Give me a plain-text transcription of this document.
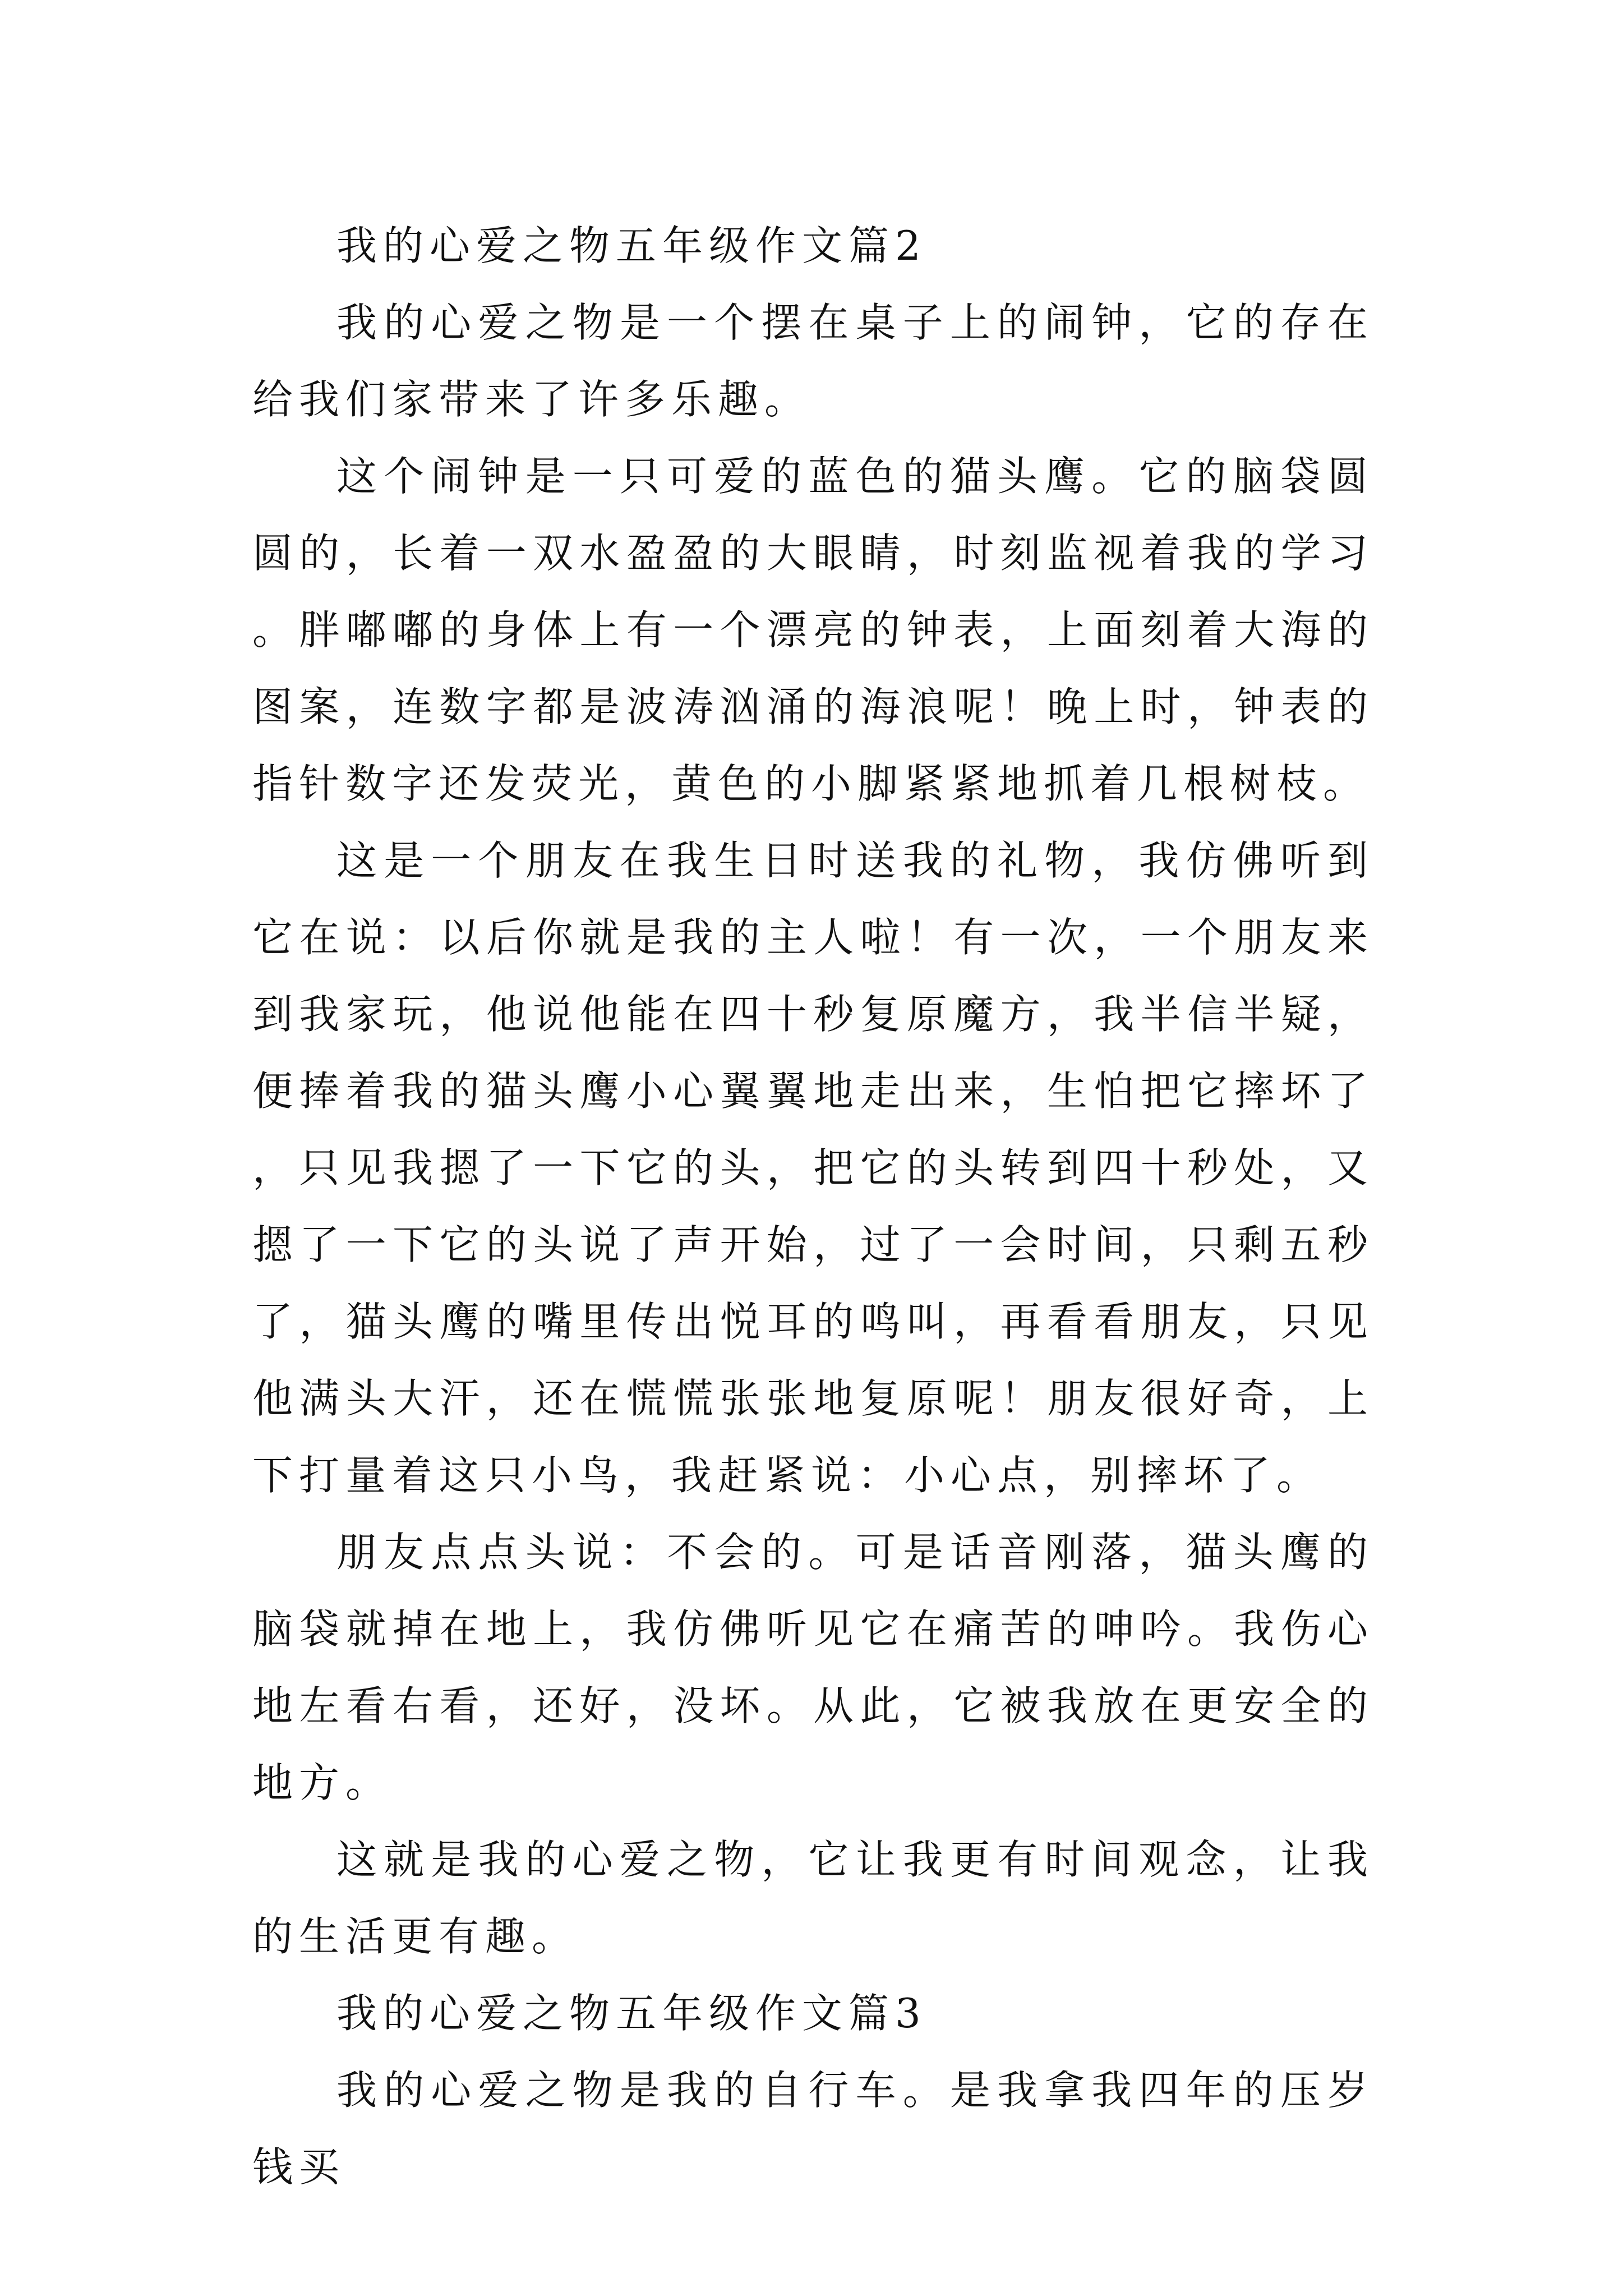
我的心爱之物五年级作文篇2

我的心爱之物是一个摆在桌子上的闹钟，它的存在给我们家带来了许多乐趣。

这个闹钟是一只可爱的蓝色的猫头鹰。它的脑袋圆圆的，长着一双水盈盈的大眼睛，时刻监视着我的学习。胖嘟嘟的身体上有一个漂亮的钟表，上面刻着大海的图案，连数字都是波涛汹涌的海浪呢！晚上时，钟表的指针数字还发荧光，黄色的小脚紧紧地抓着几根树枝。

这是一个朋友在我生日时送我的礼物，我仿佛听到它在说：以后你就是我的主人啦！有一次，一个朋友来到我家玩，他说他能在四十秒复原魔方，我半信半疑，便捧着我的猫头鹰小心翼翼地走出来，生怕把它摔坏了，只见我摁了一下它的头，把它的头转到四十秒处，又摁了一下它的头说了声开始，过了一会时间，只剩五秒了，猫头鹰的嘴里传出悦耳的鸣叫，再看看朋友，只见他满头大汗，还在慌慌张张地复原呢！朋友很好奇，上下打量着这只小鸟，我赶紧说：小心点，别摔坏了。

朋友点点头说：不会的。可是话音刚落，猫头鹰的脑袋就掉在地上，我仿佛听见它在痛苦的呻吟。我伤心地左看右看，还好，没坏。从此，它被我放在更安全的地方。

这就是我的心爱之物，它让我更有时间观念，让我的生活更有趣。

我的心爱之物五年级作文篇3

我的心爱之物是我的自行车。是我拿我四年的压岁钱买
